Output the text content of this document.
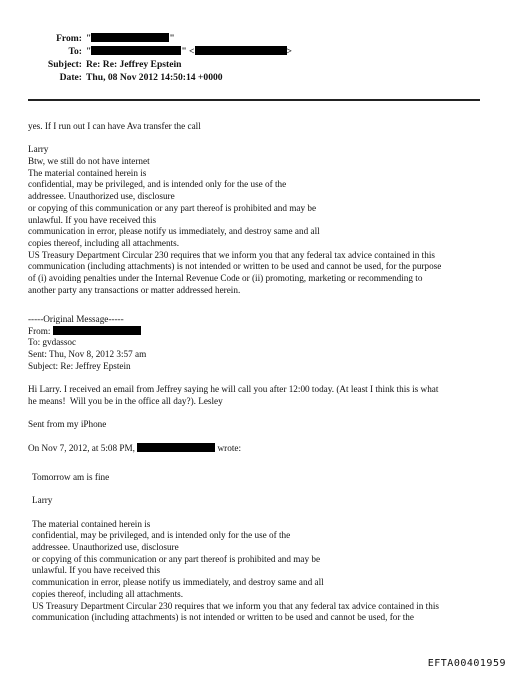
From: "	"
To: "	" <	>
Subject: Re: Re: Jeffrey Epstein
Date: Thu, 08 Nov 2012 14:50:14 +0000
yes. If I run out I can have Ava transfer the call
Larry
Btw, we still do not have internet
The material contained herein is
confidential, may be privileged, and is intended only for the use of the
addressee. Unauthorized use, disclosure
or copying of this communication or any part thereof is prohibited and may be
unlawful. If you have received this
communication in error, please notify us immediately, and destroy same and all
copies thereof, including all attachments.
US Treasury Department Circular 230 requires that we inform you that any federal tax advice contained in this
communication (including attachments) is not intended or written to be used and cannot be used, for the purpose
of (i) avoiding penalties under the Internal Revenue Code or (ii) promoting, marketing or recommending to
another party any transactions or matter addressed herein.
-----Original Message-----
From:
To: gvdassoc
Sent: Thu, Nov 8, 2012 3:57 am
Subject: Re: Jeffrey Epstein
Hi Larry. I received an email from Jeffrey saying he will call you after 12:00 today. (At least I think this is what
he means!  Will you be in the office all day?). Lesley
Sent from my iPhone
On Nov 7, 2012, at 5:08 PM,	wrote:
Tomorrow am is fine
Larry
The material contained herein is
confidential, may be privileged, and is intended only for the use of the
addressee. Unauthorized use, disclosure
or copying of this communication or any part thereof is prohibited and may be
unlawful. If you have received this
communication in error, please notify us immediately, and destroy same and all
copies thereof, including all attachments.
US Treasury Department Circular 230 requires that we inform you that any federal tax advice contained in this
communication (including attachments) is not intended or written to be used and cannot be used, for the
EFTA00401959
